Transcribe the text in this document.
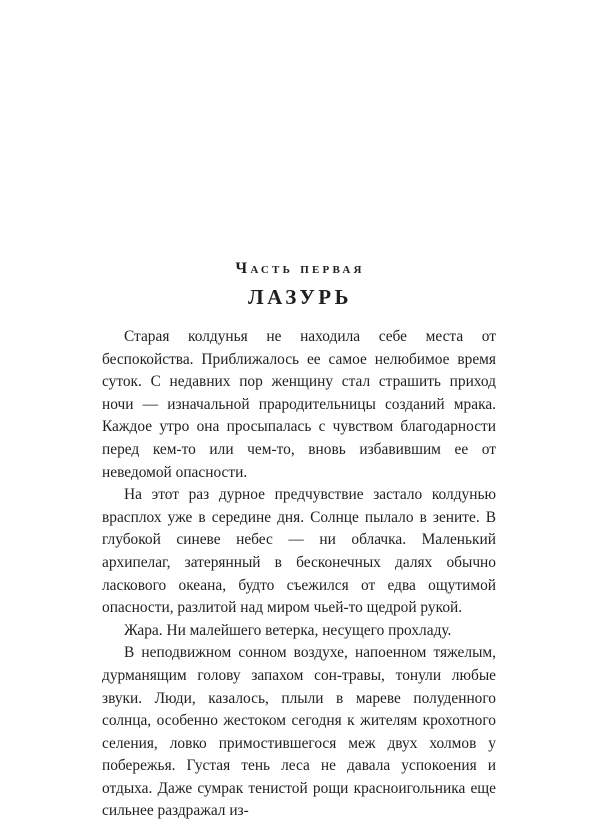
Часть первая
ЛАЗУРЬ

Старая колдунья не находила себе места от беспокойства. Приближалось ее самое нелюбимое время суток. С недавних пор женщину стал страшить приход ночи — изначальной прародительницы созданий мрака. Каждое утро она просыпалась с чувством благодарности перед кем-то или чем-то, вновь избавившим ее от неведомой опасности.

На этот раз дурное предчувствие застало колдунью врасплох уже в середине дня. Солнце пылало в зените. В глубокой синеве небес — ни облачка. Маленький архипелаг, затерянный в бесконечных далях обычно ласкового океана, будто съежился от едва ощутимой опасности, разлитой над миром чьей-то щедрой рукой.

Жара. Ни малейшего ветерка, несущего прохладу.

В неподвижном сонном воздухе, напоенном тяжелым, дурманящим голову запахом сон-травы, тонули любые звуки. Люди, казалось, плыли в мареве полуденного солнца, особенно жестоком сегодня к жителям крохотного селения, ловко примостившегося меж двух холмов у побережья. Густая тень леса не давала успокоения и отдыха. Даже сумрак тенистой рощи красноигольника еще сильнее раздражал из-
